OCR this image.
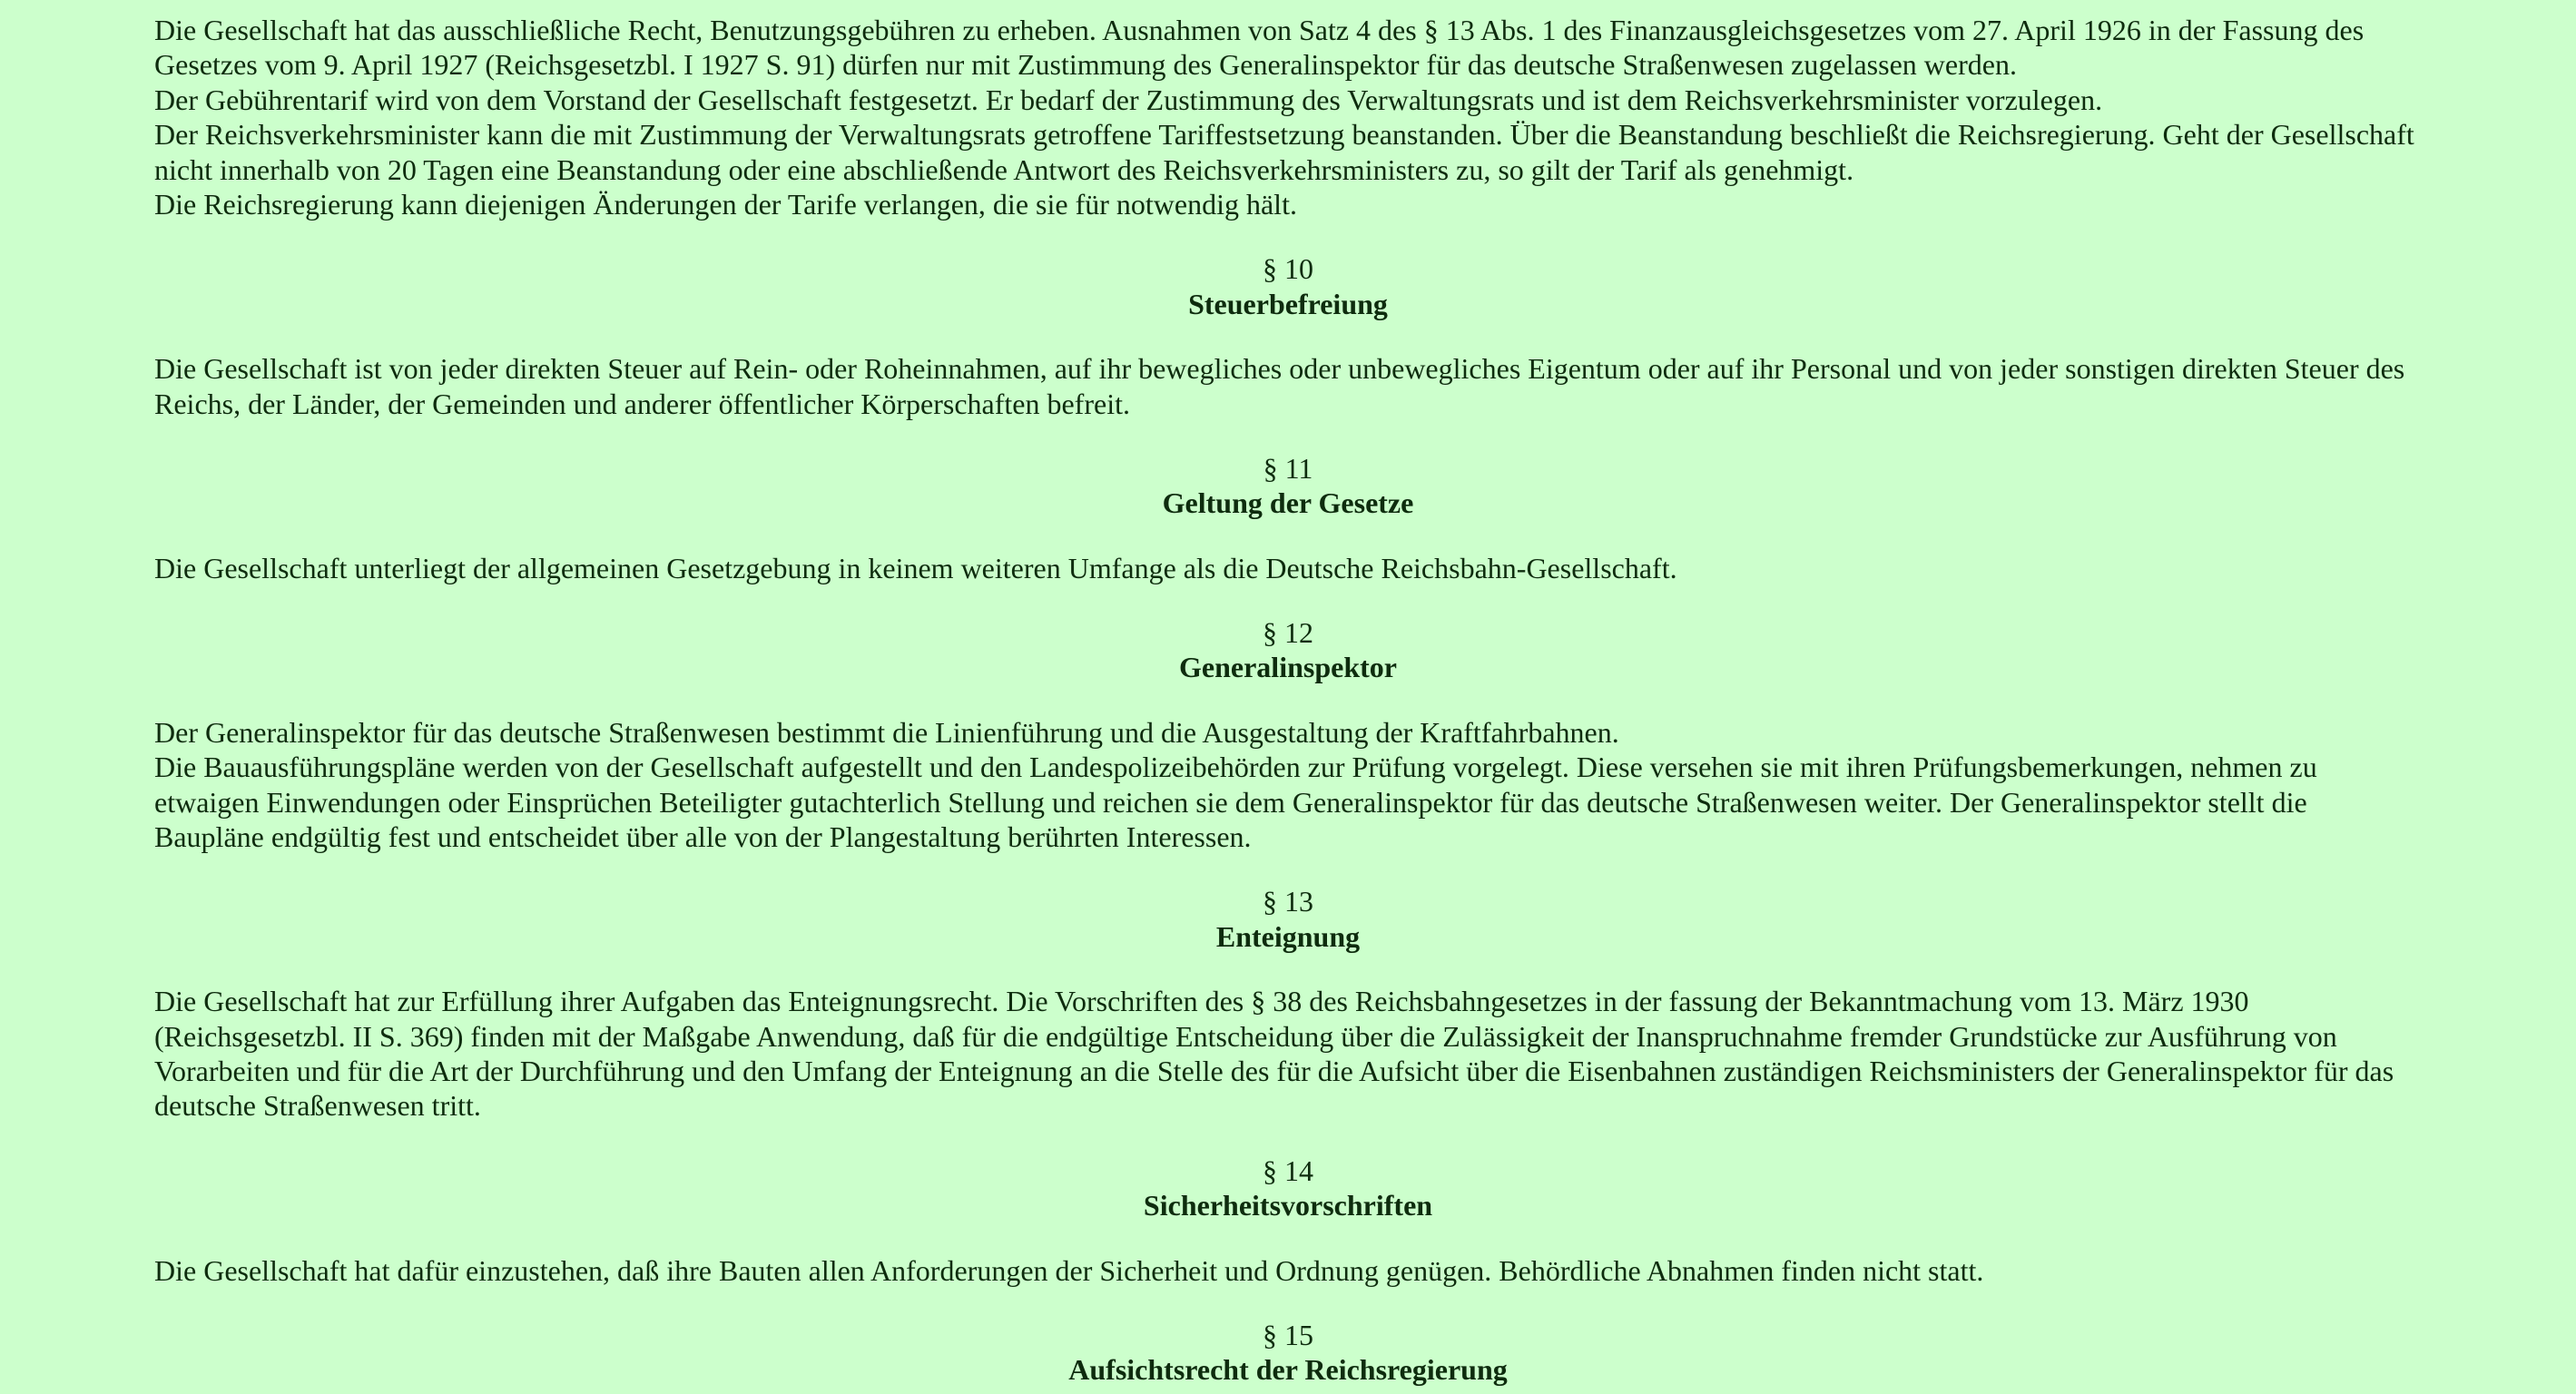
Die Gesellschaft hat das ausschließliche Recht, Benutzungsgebühren zu erheben. Ausnahmen von Satz 4 des § 13 Abs. 1 des Finanzausgleichsgesetzes vom 27. April 1926 in der Fassung des Gesetzes vom 9. April 1927 (Reichsgesetzbl. I 1927 S. 91) dürfen nur mit Zustimmung des Generalinspektor für das deutsche Straßenwesen zugelassen werden.
Der Gebührentarif wird von dem Vorstand der Gesellschaft festgesetzt. Er bedarf der Zustimmung des Verwaltungsrats und ist dem Reichsverkehrsminister vorzulegen.
Der Reichsverkehrsminister kann die mit Zustimmung der Verwaltungsrats getroffene Tariffestsetzung beanstanden. Über die Beanstandung beschließt die Reichsregierung. Geht der Gesellschaft nicht innerhalb von 20 Tagen eine Beanstandung oder eine abschließende Antwort des Reichsverkehrsministers zu, so gilt der Tarif als genehmigt.
Die Reichsregierung kann diejenigen Änderungen der Tarife verlangen, die sie für notwendig hält.
§ 10
Steuerbefreiung
Die Gesellschaft ist von jeder direkten Steuer auf Rein- oder Roheinnahmen, auf ihr bewegliches oder unbewegliches Eigentum oder auf ihr Personal und von jeder sonstigen direkten Steuer des Reichs, der Länder, der Gemeinden und anderer öffentlicher Körperschaften befreit.
§ 11
Geltung der Gesetze
Die Gesellschaft unterliegt der allgemeinen Gesetzgebung in keinem weiteren Umfange als die Deutsche Reichsbahn-Gesellschaft.
§ 12
Generalinspektor
Der Generalinspektor für das deutsche Straßenwesen bestimmt die Linienführung und die Ausgestaltung der Kraftfahrbahnen.
Die Bauausführungspläne werden von der Gesellschaft aufgestellt und den Landespolizeibehörden zur Prüfung vorgelegt. Diese versehen sie mit ihren Prüfungsbemerkungen, nehmen zu etwaigen Einwendungen oder Einsprüchen Beteiligter gutachterlich Stellung und reichen sie dem Generalinspektor für das deutsche Straßenwesen weiter. Der Generalinspektor stellt die Baupläne endgültig fest und entscheidet über alle von der Plangestaltung berührten Interessen.
§ 13
Enteignung
Die Gesellschaft hat zur Erfüllung ihrer Aufgaben das Enteignungsrecht. Die Vorschriften des § 38 des Reichsbahngesetzes in der fassung der Bekanntmachung vom 13. März 1930 (Reichsgesetzbl. II S. 369) finden mit der Maßgabe Anwendung, daß für die endgültige Entscheidung über die Zulässigkeit der Inanspruchnahme fremder Grundstücke zur Ausführung von Vorarbeiten und für die Art der Durchführung und den Umfang der Enteignung an die Stelle des für die Aufsicht über die Eisenbahnen zuständigen Reichsministers der Generalinspektor für das deutsche Straßenwesen tritt.
§ 14
Sicherheitsvorschriften
Die Gesellschaft hat dafür einzustehen, daß ihre Bauten allen Anforderungen der Sicherheit und Ordnung genügen. Behördliche Abnahmen finden nicht statt.
§ 15
Aufsichtsrecht der Reichsregierung
